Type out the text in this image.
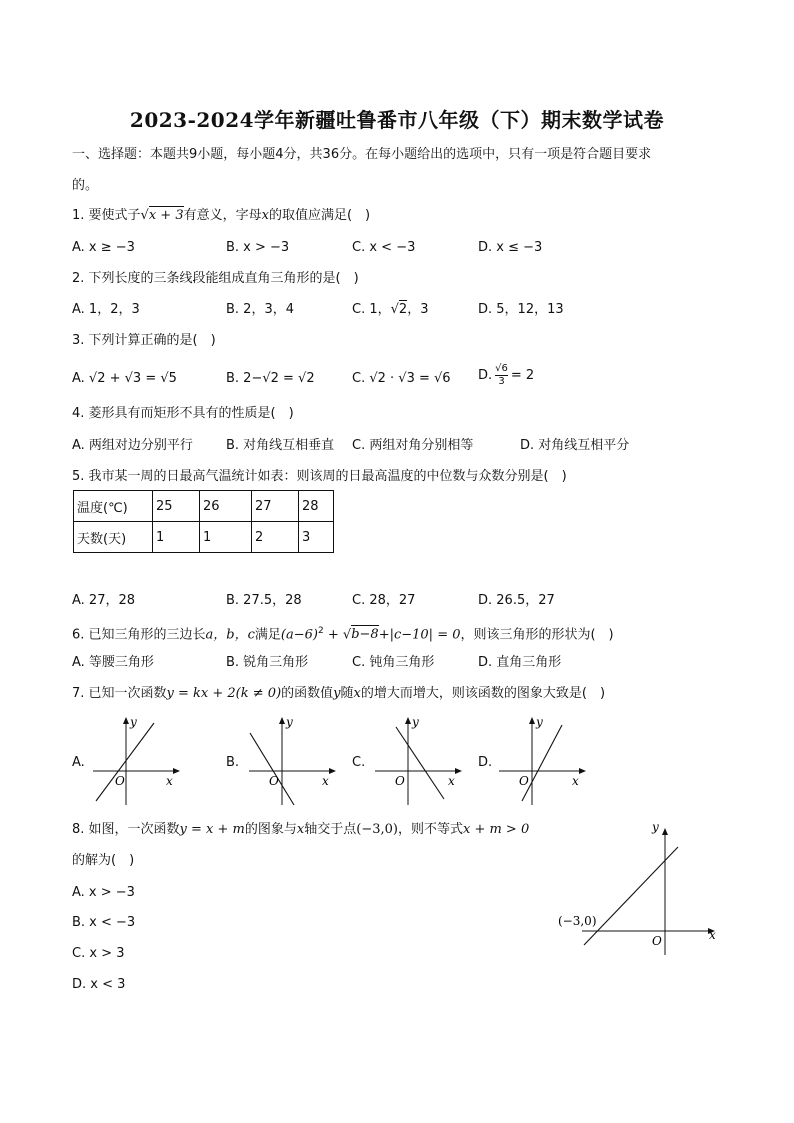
2023-2024学年新疆吐鲁番市八年级（下）期末数学试卷
一、选择题：本题共9小题，每小题4分，共36分。在每小题给出的选项中，只有一项是符合题目要求
的。
1. 要使式子√x + 3有意义，字母x的取值应满足(　)
A. x ≥ −3	B. x > −3	C. x < −3	D. x ≤ −3
2. 下列长度的三条线段能组成直角三角形的是(　)
A. 1，2，3	B. 2，3，4	C. 1，√2，3	D. 5，12，13
3. 下列计算正确的是(　)
A. √2 + √3 = √5	B. 2−√2 = √2	C. √2 · √3 = √6 D. $\frac{√6}{3} = 2$
4. 菱形具有而矩形不具有的性质是(　)
A. 两组对边分别平行	B. 对角线互相垂直 C. 两组对角分别相等	D. 对角线互相平分
5. 我市某一周的日最高气温统计如表：则该周的日最高温度的中位数与众数分别是(　)
温度(℃)	25	26	27	28
天数(天)	1	1	2	3
A. 27，28	B. 27.5，28	C. 28，27	D. 26.5，27
6. 已知三角形的三边长a，b，c满足$(a-6)^2 + √b-8+|c-10| = 0$，则该三角形的形状为(　)
A. 等腰三角形	B. 锐角三角形	C. 钝角三角形	D. 直角三角形
7. 已知一次函数y = kx + 2(k ≠ 0)的函数值y随x的增大而增大，则该函数的图象大致是(　)
A.	B.	C.	D.
y
x
O
y
x
O
y
x
O
y
x
O
8. 如图，一次函数y = x + m的图象与x轴交于点(−3,0)，则不等式x + m > 0
的解为(　)
A. x > −3
B. x < −3
C. x > 3
D. x < 3
y
x
O
(−3,0)
